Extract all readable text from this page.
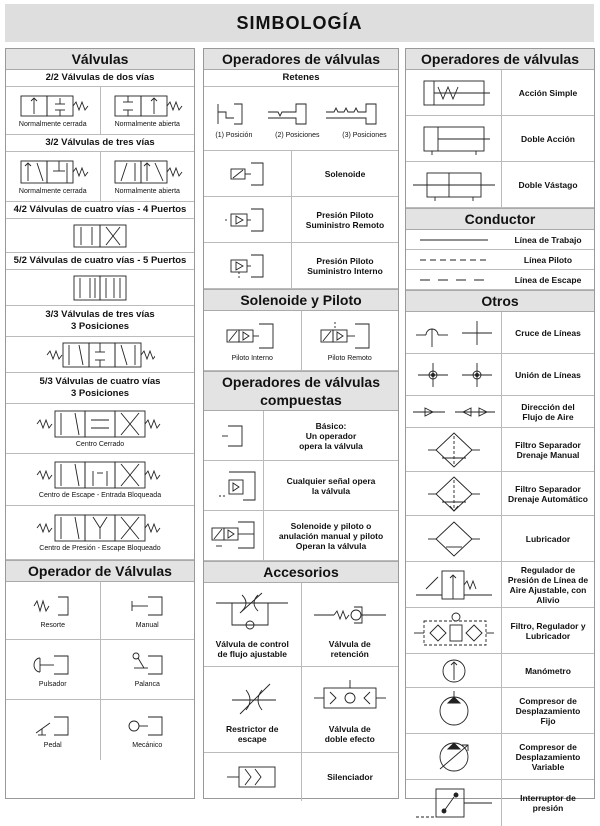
SIMBOLOGÍA
Válvulas
2/2 Válvulas de dos vías
Normalmente cerrada	Normalmente abierta
3/2 Válvulas de tres vías
Normalmente cerrada	Normalmente abierta
4/2 Válvulas de cuatro vías - 4 Puertos
5/2 Válvulas de cuatro vías - 5 Puertos
3/3 Válvulas de tres vías
3 Posiciones
5/3 Válvulas de cuatro vías
3 Posiciones
Centro Cerrado
Centro de Escape - Entrada Bloqueada
Centro de Presión - Escape Bloqueado
Operador de Válvulas
Resorte	Manual
Pulsador	Palanca
Pedal	Mecánico
Operadores de válvulas
Retenes
(1) Posición	(2) Posiciones	(3) Posiciones
Solenoide
Presión Piloto
Suministro Remoto
Presión Piloto
Suministro Interno
Solenoide y Piloto
Piloto Interno	Piloto Remoto
Operadores de válvulas
compuestas
Básico:
Un operador
opera la válvula
Cualquier señal opera
la válvula
Solenoide y piloto o
anulación manual y piloto
Operan la válvula
Accesorios
Válvula de control
de flujo ajustable
Válvula de
retención
Restrictor de
escape
Válvula de
doble efecto
Silenciador
Operadores de válvulas
Acción Simple
Doble Acción
Doble Vástago
Conductor
Línea de Trabajo
Línea Piloto
Línea de Escape
Otros
Cruce de Líneas
Unión de Líneas
Dirección del
Flujo de Aire
Filtro Separador
Drenaje Manual
Filtro Separador
Drenaje Automático
Lubricador
Regulador de
Presión de Línea de
Aire Ajustable, con
Alivio
Filtro, Regulador y
Lubricador
Manómetro
Compresor de
Desplazamiento
Fijo
Compresor de
Desplazamiento
Variable
Interruptor de
presión
